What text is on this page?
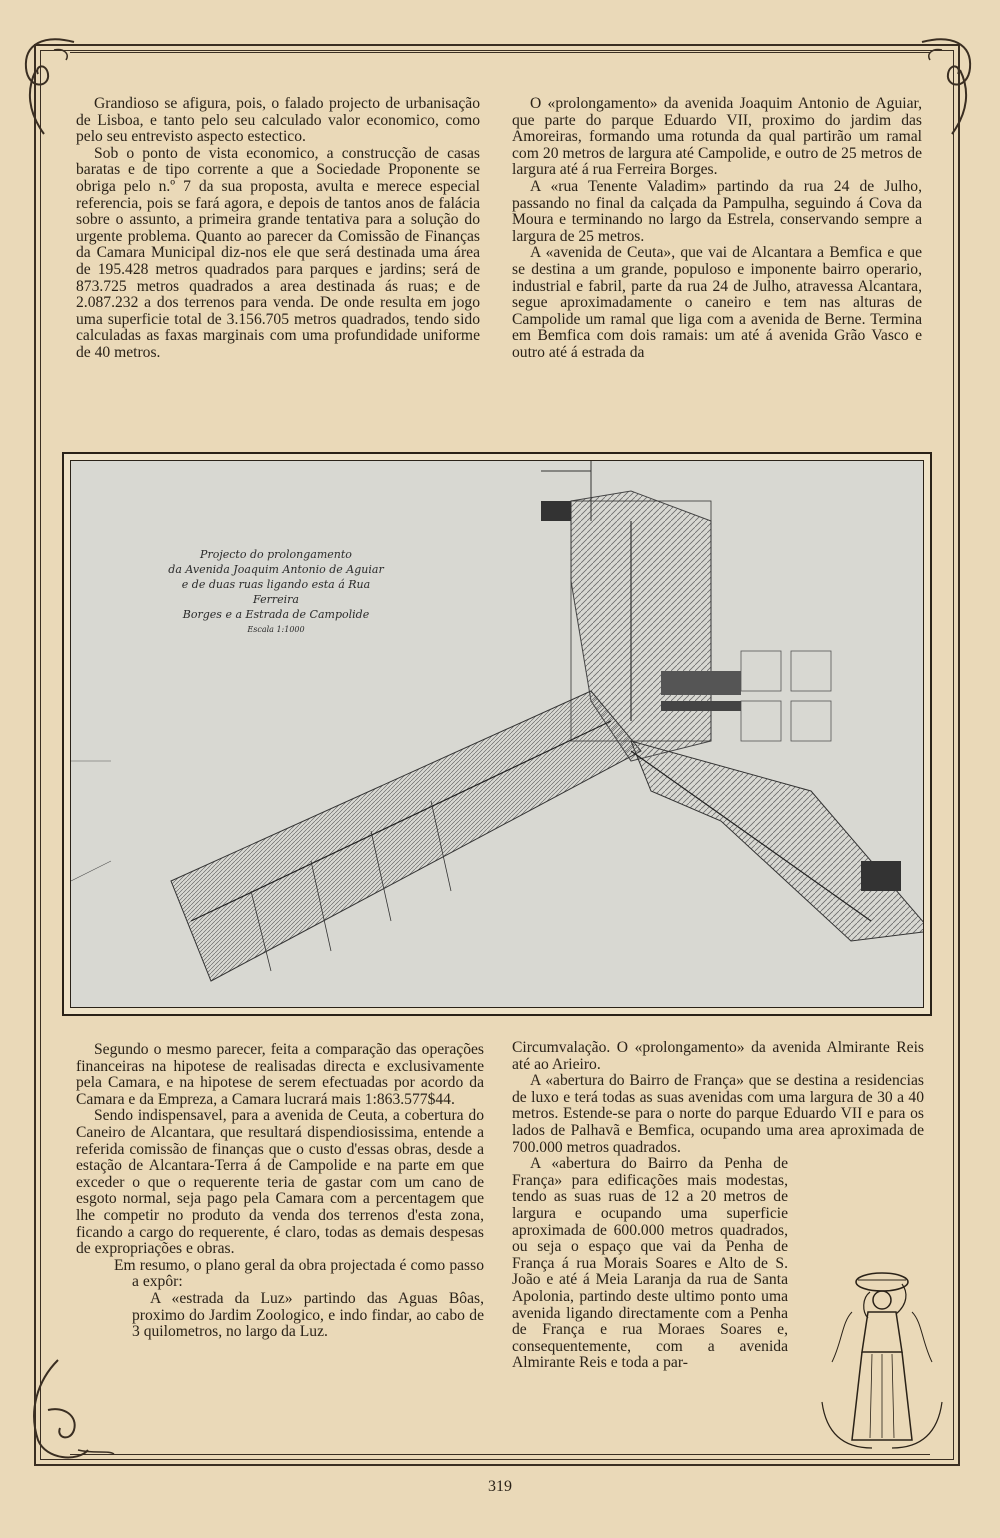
Grandioso se afigura, pois, o falado projecto de urbanisação de Lisboa, e tanto pelo seu calculado valor economico, como pelo seu entrevisto aspecto estectico.

Sob o ponto de vista economico, a construcção de casas baratas e de tipo corrente a que a Sociedade Proponente se obriga pelo n.º 7 da sua proposta, avulta e merece especial referencia, pois se fará agora, e depois de tantos anos de falácia sobre o assunto, a primeira grande tentativa para a solução do urgente problema. Quanto ao parecer da Comissão de Finanças da Camara Municipal diz-nos ele que será destinada uma área de 195.428 metros quadrados para parques e jardins; será de 873.725 metros quadrados a area destinada ás ruas; e de 2.087.232 a dos terrenos para venda. De onde resulta em jogo uma superficie total de 3.156.705 metros quadrados, tendo sido calculadas as faxas marginais com uma profundidade uniforme de 40 metros.

O «prolongamento» da avenida Joaquim Antonio de Aguiar, que parte do parque Eduardo VII, proximo do jardim das Amoreiras, formando uma rotunda da qual partirão um ramal com 20 metros de largura até Campolide, e outro de 25 metros de largura até á rua Ferreira Borges.

A «rua Tenente Valadim» partindo da rua 24 de Julho, passando no final da calçada da Pampulha, seguindo á Cova da Moura e terminando no largo da Estrela, conservando sempre a largura de 25 metros.

A «avenida de Ceuta», que vai de Alcantara a Bemfica e que se destina a um grande, populoso e imponente bairro operario, industrial e fabril, parte da rua 24 de Julho, atravessa Alcantara, segue aproximadamente o caneiro e tem nas alturas de Campolide um ramal que liga com a avenida de Berne. Termina em Bemfica com dois ramais: um até á avenida Grão Vasco e outro até á estrada da

Projecto do prolongamento
da Avenida Joaquim Antonio de Aguiar
e de duas ruas ligando esta á Rua Ferreira
Borges e a Estrada de Campolide
Escala 1:1000

Segundo o mesmo parecer, feita a comparação das operações financeiras na hipotese de realisadas directa e exclusivamente pela Camara, e na hipotese de serem efectuadas por acordo da Camara e da Empreza, a Camara lucrará mais 1:863.577$44.

Sendo indispensavel, para a avenida de Ceuta, a cobertura do Caneiro de Alcantara, que resultará dispendiosissima, entende a referida comissão de finanças que o custo d'essas obras, desde a estação de Alcantara-Terra á de Campolide e na parte em que exceder o que o requerente teria de gastar com um cano de esgoto normal, seja pago pela Camara com a percentagem que lhe competir no produto da venda dos terrenos d'esta zona, ficando a cargo do requerente, é claro, todas as demais despesas de expropriações e obras.

Em resumo, o plano geral da obra projectada é como passo a expôr:

A «estrada da Luz» partindo das Aguas Bôas, proximo do Jardim Zoologico, e indo findar, ao cabo de 3 quilometros, no largo da Luz.

Circumvalação. O «prolongamento» da avenida Almirante Reis até ao Arieiro.

A «abertura do Bairro de França» que se destina a residencias de luxo e terá todas as suas avenidas com uma largura de 30 a 40 metros. Estende-se para o norte do parque Eduardo VII e para os lados de Palhavã e Bemfica, ocupando uma area aproximada de 700.000 metros quadrados.

A «abertura do Bairro da Penha de França» para edificações mais modestas, tendo as suas ruas de 12 a 20 metros de largura e ocupando uma superficie aproximada de 600.000 metros quadrados, ou seja o espaço que vai da Penha de França á rua Morais Soares e Alto de S. João e até á Meia Laranja da rua de Santa Apolonia, partindo deste ultimo ponto uma avenida ligando directamente com a Penha de França e rua Moraes Soares e, consequentemente, com a avenida Almirante Reis e toda a par-

319
